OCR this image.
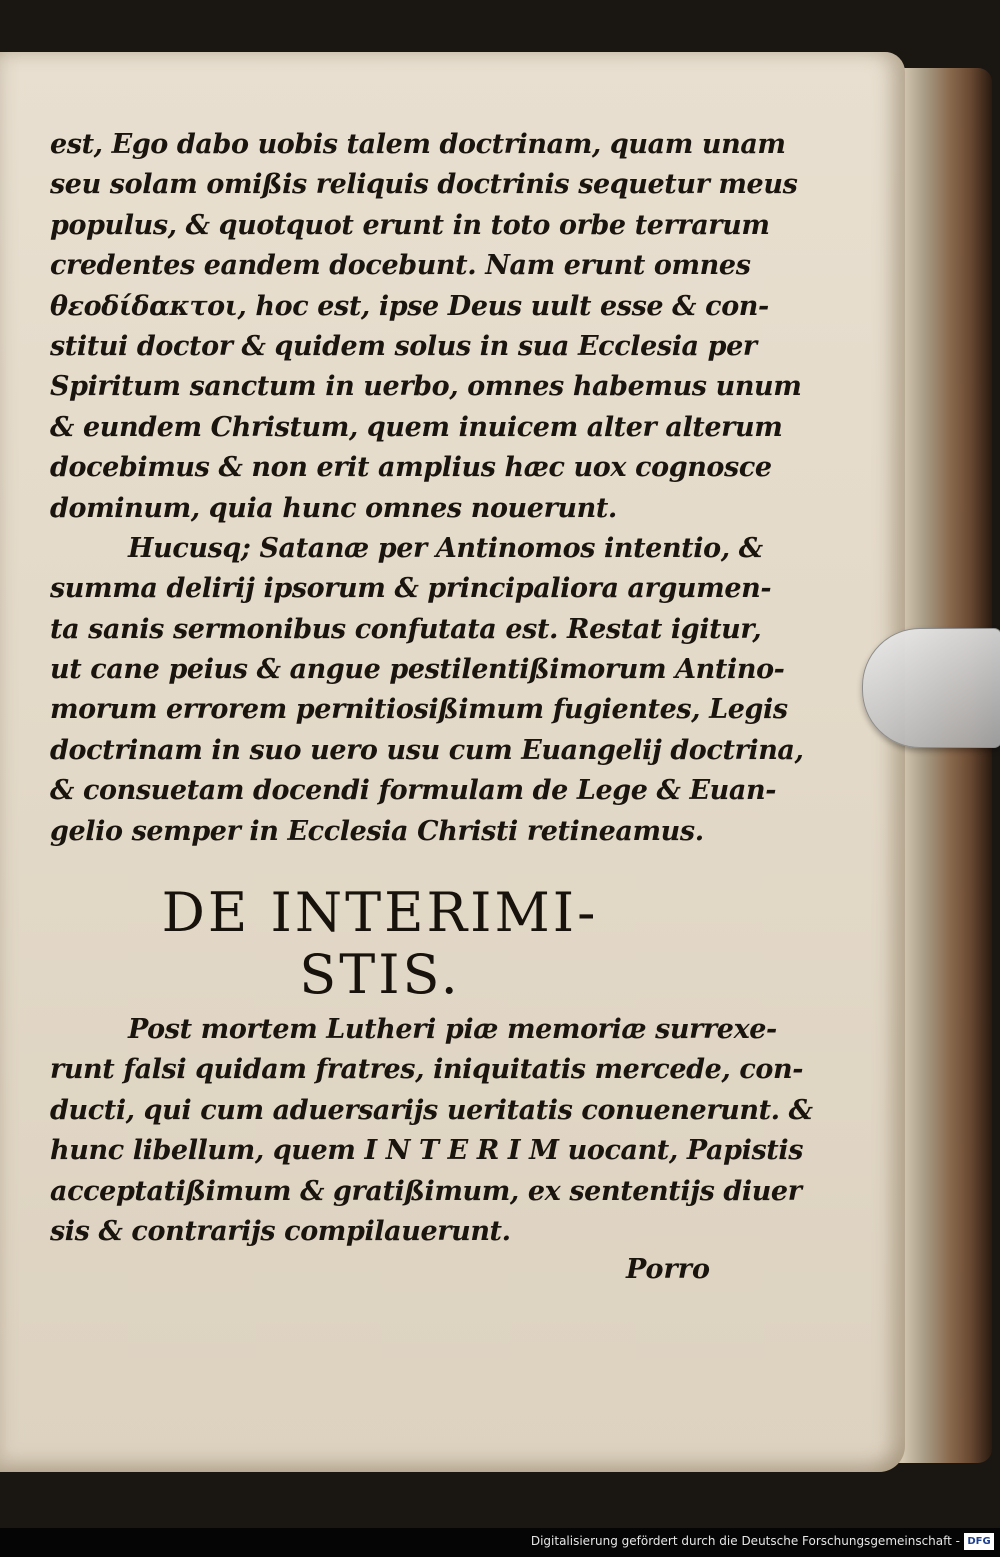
est, Ego dabo uobis talem doctrinam, quam unam
seu solam omißis reliquis doctrinis sequetur meus
populus, & quotquot erunt in toto orbe terrarum
credentes eandem docebunt. Nam erunt omnes
θεοδίδακτοι, hoc est, ipse Deus uult esse & con-
stitui doctor & quidem solus in sua Ecclesia per
Spiritum sanctum in uerbo, omnes habemus unum
& eundem Christum, quem inuicem alter alterum
docebimus & non erit amplius hæc uox cognosce
dominum, quia hunc omnes nouerunt.
Hucusq; Satanæ per Antinomos intentio, &
summa delirij ipsorum & principaliora argumen-
ta sanis sermonibus confutata est. Restat igitur,
ut cane peius & angue pestilentißimorum Antino-
morum errorem pernitiosißimum fugientes, Legis
doctrinam in suo uero usu cum Euangelij doctrina,
& consuetam docendi formulam de Lege & Euan-
gelio semper in Ecclesia Christi retineamus.
DE INTERIMI-
STIS.
Post mortem Lutheri piæ memoriæ surrexe-
runt falsi quidam fratres, iniquitatis mercede, con-
ducti, qui cum aduersarijs ueritatis conuenerunt. &
hunc libellum, quem I N T E R I M uocant, Papistis
acceptatißimum & gratißimum, ex sententijs diuer
sis & contrarijs compilauerunt.
Porro
Digitalisierung gefördert durch die Deutsche Forschungsgemeinschaft - DFG
